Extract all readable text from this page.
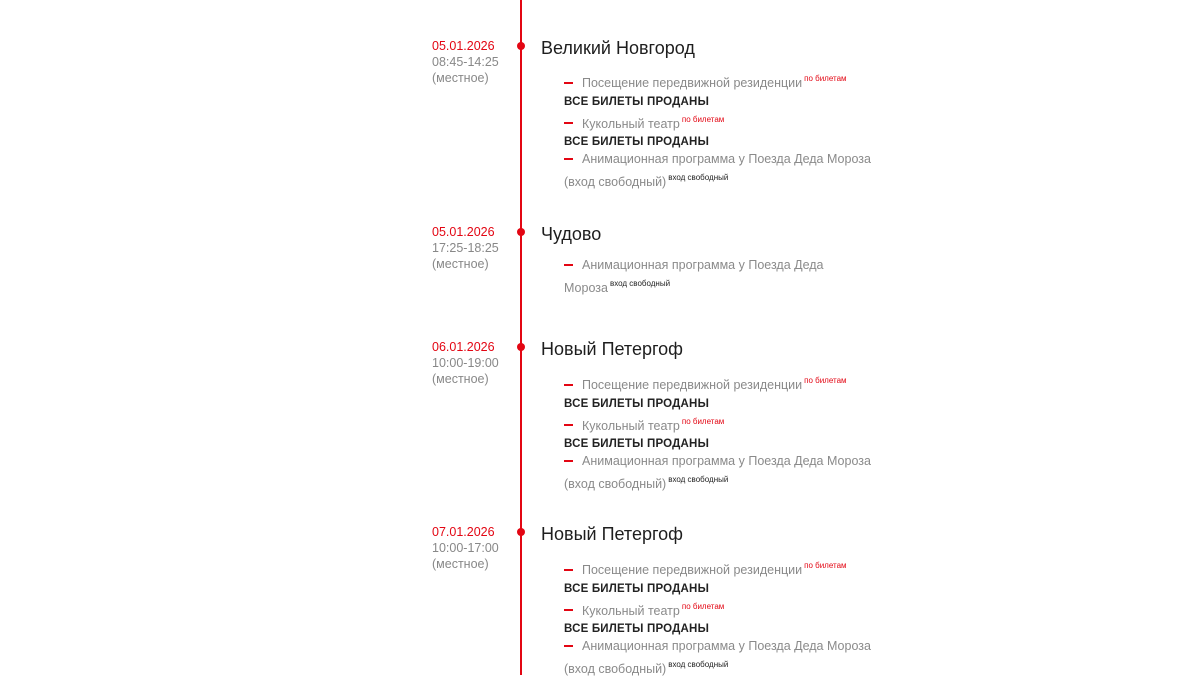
05.01.2026
08:45-14:25
(местное)
Великий Новгород
Посещение передвижной резиденции $^{по билетам}$
ВСЕ БИЛЕТЫ ПРОДАНЫ
Кукольный театр $^{по билетам}$
ВСЕ БИЛЕТЫ ПРОДАНЫ
Анимационная программа у Поезда Деда Мороза (вход свободный) $^{вход свободный}$
05.01.2026
17:25-18:25
(местное)
Чудово
Анимационная программа у Поезда Деда Мороза $^{вход свободный}$
06.01.2026
10:00-19:00
(местное)
Новый Петергоф
Посещение передвижной резиденции $^{по билетам}$
ВСЕ БИЛЕТЫ ПРОДАНЫ
Кукольный театр $^{по билетам}$
ВСЕ БИЛЕТЫ ПРОДАНЫ
Анимационная программа у Поезда Деда Мороза (вход свободный) $^{вход свободный}$
07.01.2026
10:00-17:00
(местное)
Новый Петергоф
Посещение передвижной резиденции $^{по билетам}$
ВСЕ БИЛЕТЫ ПРОДАНЫ
Кукольный театр $^{по билетам}$
ВСЕ БИЛЕТЫ ПРОДАНЫ
Анимационная программа у Поезда Деда Мороза (вход свободный) $^{вход свободный}$
